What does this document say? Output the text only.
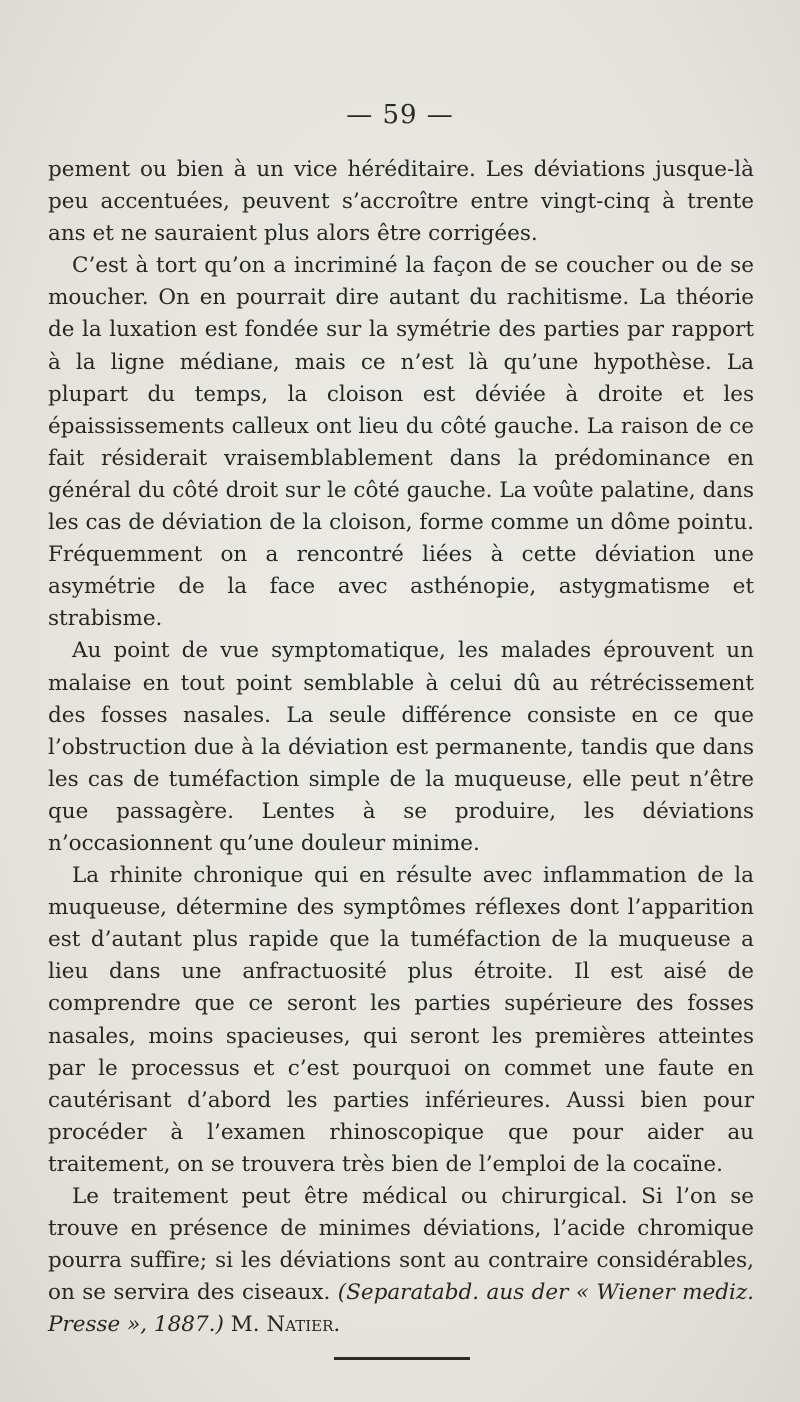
— 59 —

pement ou bien à un vice héréditaire. Les déviations jusque-là peu accentuées, peuvent s’accroître entre vingt-cinq à trente ans et ne sauraient plus alors être corrigées.

C’est à tort qu’on a incriminé la façon de se coucher ou de se moucher. On en pourrait dire autant du rachitisme. La théorie de la luxation est fondée sur la symétrie des parties par rapport à la ligne médiane, mais ce n’est là qu’une hypothèse. La plupart du temps, la cloison est déviée à droite et les épaississements calleux ont lieu du côté gauche. La raison de ce fait résiderait vraisemblablement dans la prédominance en général du côté droit sur le côté gauche. La voûte palatine, dans les cas de déviation de la cloison, forme comme un dôme pointu. Fréquemment on a rencontré liées à cette déviation une asymétrie de la face avec asthénopie, astygmatisme et strabisme.

Au point de vue symptomatique, les malades éprouvent un malaise en tout point semblable à celui dû au rétrécissement des fosses nasales. La seule différence consiste en ce que l’obstruction due à la déviation est permanente, tandis que dans les cas de tuméfaction simple de la muqueuse, elle peut n’être que passagère. Lentes à se produire, les déviations n’occasionnent qu’une douleur minime.

La rhinite chronique qui en résulte avec inflammation de la muqueuse, détermine des symptômes réflexes dont l’apparition est d’autant plus rapide que la tuméfaction de la muqueuse a lieu dans une anfractuosité plus étroite. Il est aisé de comprendre que ce seront les parties supérieure des fosses nasales, moins spacieuses, qui seront les premières atteintes par le processus et c’est pourquoi on commet une faute en cautérisant d’abord les parties inférieures. Aussi bien pour procéder à l’examen rhinoscopique que pour aider au traitement, on se trouvera très bien de l’emploi de la cocaïne.

Le traitement peut être médical ou chirurgical. Si l’on se trouve en présence de minimes déviations, l’acide chromique pourra suffire; si les déviations sont au contraire considérables, on se servira des ciseaux. (Separatabd. aus der « Wiener mediz. Presse », 1887.) M. Natier.
